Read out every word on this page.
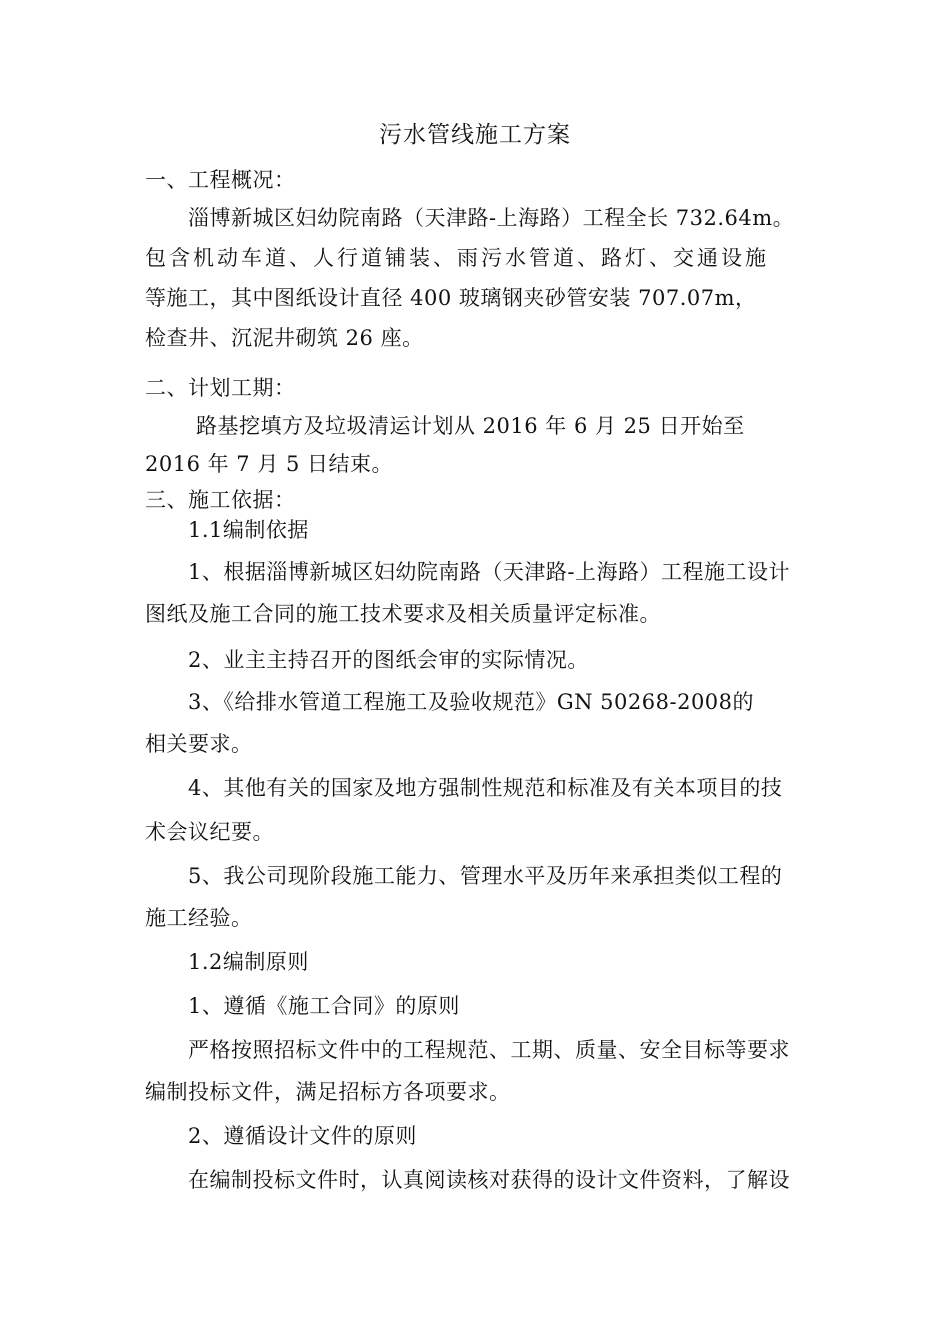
污水管线施工方案
一、工程概况：
淄博新城区妇幼院南路（天津路-上海路）工程全长 732.64m。
包含机动车道、人行道铺装、雨污水管道、路灯、交通设施
等施工，其中图纸设计直径 400 玻璃钢夹砂管安装 707.07m，
检查井、沉泥井砌筑 26 座。
二、计划工期：
路基挖填方及垃圾清运计划从 2016 年 6 月 25 日开始至
2016 年 7 月 5 日结束。
三、施工依据：
1.1编制依据
1、根据淄博新城区妇幼院南路（天津路-上海路）工程施工设计
图纸及施工合同的施工技术要求及相关质量评定标准。
2、业主主持召开的图纸会审的实际情况。
3、《给排水管道工程施工及验收规范》GN 50268-2008的
相关要求。
4、其他有关的国家及地方强制性规范和标准及有关本项目的技
术会议纪要。
5、我公司现阶段施工能力、管理水平及历年来承担类似工程的
施工经验。
1.2编制原则
1、遵循《施工合同》的原则
严格按照招标文件中的工程规范、工期、质量、安全目标等要求
编制投标文件，满足招标方各项要求。
2、遵循设计文件的原则
在编制投标文件时，认真阅读核对获得的设计文件资料，了解设
